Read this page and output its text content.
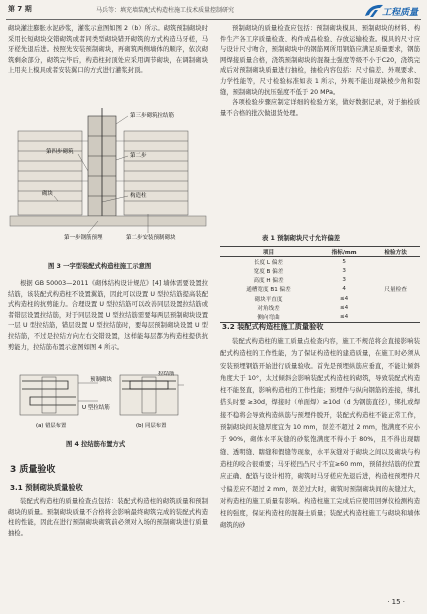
第 7 期	马兵等：填充墙装配式构造柱施工技术质量控制研究	工程质量

砌块灌注膨胀水泥砂浆，灌浆示意图如图 2（b）所示。砌筑预制砌块时采用长短砌块交错砌筑或者同类型砌块错开砌筑的方式构造马牙槎，马牙槎先退后进。按照先安装预制砌块，再砌筑两侧墙体的顺序，依次砌筑剩余部分，砌筑完毕后，构造柱封顶处应采用调节砌块，在调制砌块上用夹上模具或者安装翼口的方式进行灌浆封顶。

第三步砌筑拉结筋
第二步
第四步砌筑
构造柱
砌块
第一步钢筋预埋	第二步安装预制砌块
图 3 一字型装配式构造柱施工示意图

根据 GB 50003—2011《砌体结构设计规范》[4] 墙体需要设置拉结筋，该装配式构造柱不设置翼筋，因此可以设置 U 型拉结筋提高装配式构造柱的抗剪能力。合理设置 U 型拉结筋可以改善同层设置拉结筋或者错层设置拉结筋，对于同层设置 U 型拉结筋需要每两层预制砌块设置一层 U 型拉结筋，错层设置 U 型拉结筋时，要每层预制砌块设置 U 型拉结筋，不过是拉结方向左右交错设置，这样能每层都为构造柱提供抗剪能力，拉结筋布置示意图如图 4 所示。

预制砌块
U 型拉结筋
拉结筋
(a) 错层布置	(b) 同层布置
图 4 拉结筋布置方式
3 质量验收
3.1 预制砌块质量验收

装配式构造柱的质量检查点包括：装配式构造柱的砌筑质量和预制砌块的质量。预制砌块质量不合格将会影响最终砌筑完成的装配式构造柱的性能，因此在进行预制砌块砌筑前必须对入场的预制砌块进行质量抽检。

预制砌块的质量检查应包括：预制砌块模具、预制砌块的材料、构件生产各工序质量检查、构件成品检验、存放运输检查。模具的尺寸应与设计尺寸吻合，预制砌块中的钢筋网所用钢筋应满足质量要求，钢筋网焊接质量合格，浇筑预制砌块的混凝土强度等级不小于C20，浇筑完成后对预制砌块质量进行抽检，抽检内容包括：尺寸偏差、外观要求、力学性能等，尺寸检验标准如表 1 所示，外观不能出现缺棱少角和裂缝，预制砌块的抗压强度不低于 20 MPa。

各项检验步骤应制定详细的检验方案，做好数据记录，对于抽检质量不合格的批次做退货处理。

表 1 预制砌块尺寸允许偏差
项目	指标/mm	检验方法
长度 L 偏差	5	
宽度 B 偏差	3	
高度 H 偏差	3	
通槽宽度 B1 偏差	4	尺量检查
砌块平直度	≤4	
对角线差	≤4	
侧向弯曲	≤4	
3.2 装配式构造柱施工质量验收

装配式构造柱的施工质量点检查内容，施工不规范将会直接影响装配式构造柱的工作性能，为了保证构造柱的建造质量，在施工时必须从安装预埋钢筋开始进行质量验收。首先是预埋纵筋应垂直，不能让倾斜角度大于 10°，太过倾斜会影响装配式构造柱的砌筑，导致装配式构造柱不能竖直，影响构造柱的工作性能；预埋件与纵向钢筋的连接，绑扎搭头时要 ≥30d，焊接时（单面焊）≥10d（d 为钢筋直径），绑扎或焊接不稳将会导致构造纵筋与预埋件脱开，装配式构造柱不能正常工作，预制砌块间灰缝厚度宜为 10 mm，误差不超过 2 mm，饱满度不应小于 90%，砌体水平灰缝的砂浆饱满度不得小于 80%，且不得出现瞎缝、透明缝、瞎缝和假缝等现象，水平灰缝对于砌块之间以及砌块与构造柱的咬合很重要；马牙槎凹凸尺寸不宜≥60 mm，预留拉结筋的位置应正确、配筋与设计相符，砌筑时马牙槎应先退后进，构造柱预埋件尺寸偏差应不超过 2 mm，误差过大时，砌筑时预制砌块间的灰缝过大，对构造柱的施工质量有影响。构造柱施工完成后应使用回弹仪检测构造柱的强度，保证构造柱的混凝土质量；装配式构造柱施工与砌块和墙体砌筑的砂

· 15 ·
